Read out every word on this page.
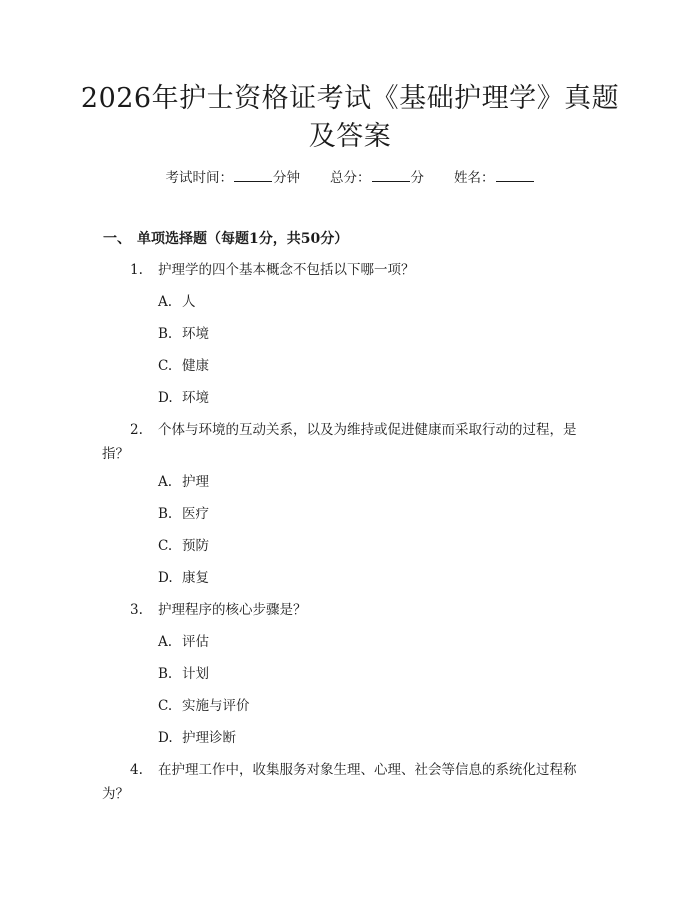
2026年护士资格证考试《基础护理学》真题
及答案
考试时间：	分钟 总分：	分 姓名：
一、 单项选择题（每题1分，共50分）
1. 护理学的四个基本概念不包括以下哪一项？
A. 人
B. 环境
C. 健康
D. 环境
2. 个体与环境的互动关系，以及为维持或促进健康而采取行动的过程，是
指？
A. 护理
B. 医疗
C. 预防
D. 康复
3. 护理程序的核心步骤是？
A. 评估
B. 计划
C. 实施与评价
D. 护理诊断
4. 在护理工作中，收集服务对象生理、心理、社会等信息的系统化过程称
为？
